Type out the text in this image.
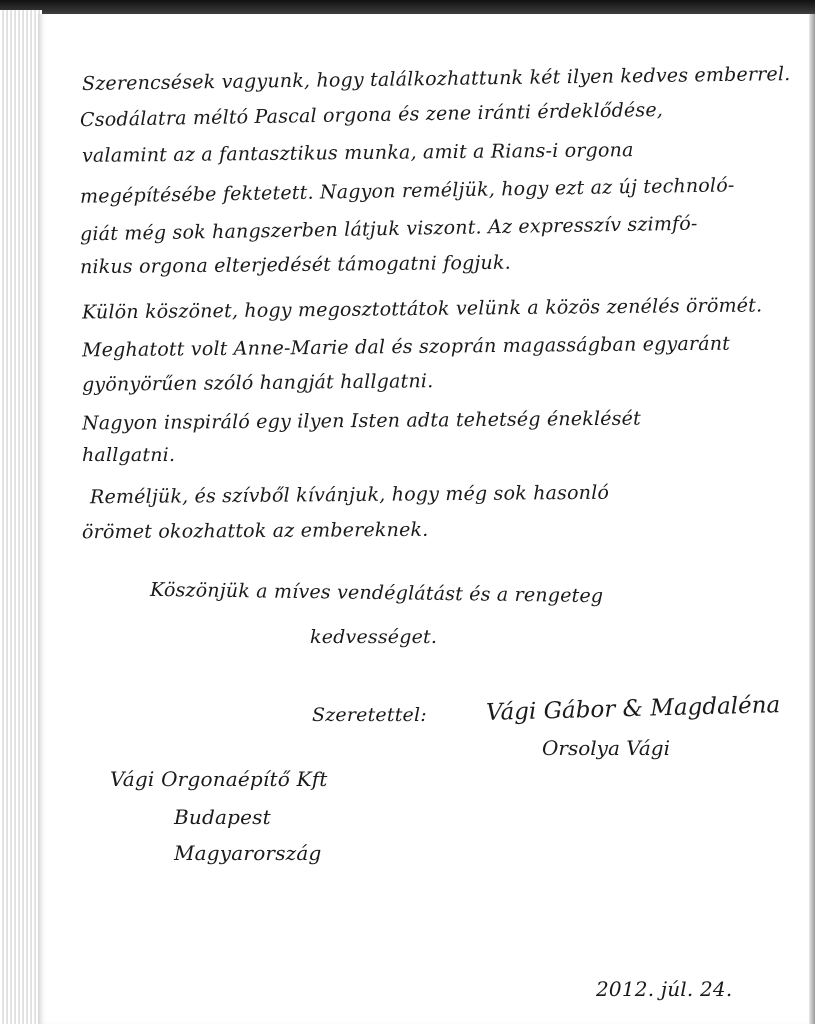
Szerencsések vagyunk, hogy találkozhattunk két ilyen kedves emberrel.
Csodálatra méltó Pascal orgona és zene iránti érdeklődése,
valamint az a fantasztikus munka, amit a Rians-i orgona
megépítésébe fektetett. Nagyon reméljük, hogy ezt az új technoló-
giát még sok hangszerben látjuk viszont. Az expresszív szimfó-
nikus orgona elterjedését támogatni fogjuk.
Külön köszönet, hogy megosztottátok velünk a közös zenélés örömét.
Meghatott volt Anne-Marie dal és szoprán magasságban egyaránt
gyönyörűen szóló hangját hallgatni.
Nagyon inspiráló egy ilyen Isten adta tehetség éneklését
hallgatni.
Reméljük, és szívből kívánjuk, hogy még sok hasonló
örömet okozhattok az embereknek.
Köszönjük a míves vendéglátást és a rengeteg
kedvességet.
Szeretettel:	Vági Gábor & Magdaléna
Orsolya Vági
Vági Orgonaépítő Kft
Budapest
Magyarország
2012. júl. 24.
